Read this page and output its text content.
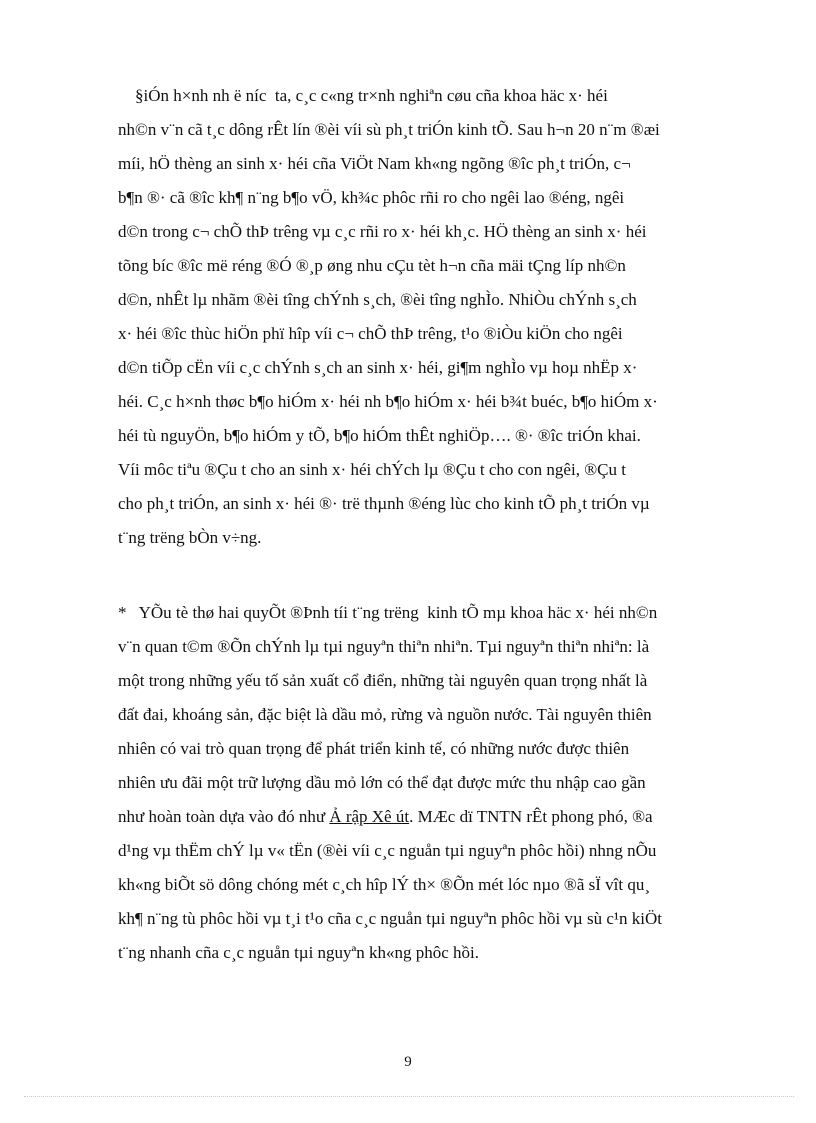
§iÓn h×nh nh ë níc  ta, c¸c c«ng tr×nh nghiªn cøu cña khoa häc x· héi
nh©n v¨n cã t¸c dông rÊt lín ®èi víi sù ph¸t triÓn kinh tÕ. Sau h¬n 20 n¨m ®æi
míi, hÖ thèng an sinh x· héi cña ViÖt Nam kh«ng ngõng ®îc ph¸t triÓn, c¬
b¶n ®· cã ®îc kh¶ n¨ng b¶o vÖ, kh¾c phôc rñi ro cho ngêi lao ®éng, ngêi
d©n trong c¬ chÕ thÞ trêng vµ c¸c rñi ro x· héi kh¸c. HÖ thèng an sinh x· héi
tõng bíc ®îc më réng ®Ó ®¸p øng nhu cÇu tèt h¬n cña mäi tÇng líp nh©n
d©n, nhÊt lµ nhãm ®èi tîng chÝnh s¸ch, ®èi tîng nghÌo. NhiÒu chÝnh s¸ch
x· héi ®îc thùc hiÖn phï hîp víi c¬ chÕ thÞ trêng, t¹o ®iÒu kiÖn cho ngêi
d©n tiÕp cËn víi c¸c chÝnh s¸ch an sinh x· héi, gi¶m nghÌo vµ hoµ nhËp x·
héi. C¸c h×nh thøc b¶o hiÓm x· héi nh b¶o hiÓm x· héi b¾t buéc, b¶o hiÓm x·
héi tù nguyÖn, b¶o hiÓm y tÕ, b¶o hiÓm thÊt nghiÖp…. ®· ®îc triÓn khai.
Víi môc tiªu ®Çu t cho an sinh x· héi chÝch lµ ®Çu t cho con ngêi, ®Çu t
cho ph¸t triÓn, an sinh x· héi ®· trë thµnh ®éng lùc cho kinh tÕ ph¸t triÓn vµ
t¨ng trëng bÒn v÷ng.
*   YÕu tè thø hai quyÕt ®Þnh tíi t¨ng trëng  kinh tÕ mµ khoa häc x· héi nh©n
v¨n quan t©m ®Õn chÝnh lµ tµi nguyªn thiªn nhiªn. Tµi nguyªn thiªn nhiªn: là
một trong những yếu tố sản xuất cổ điển, những tài nguyên quan trọng nhất là
đất đai, khoáng sản, đặc biệt là dầu mỏ, rừng và nguồn nước. Tài nguyên thiên
nhiên có vai trò quan trọng để phát triển kinh tế, có những nước được thiên
nhiên ưu đãi một trữ lượng dầu mỏ lớn có thể đạt được mức thu nhập cao gần
như hoàn toàn dựa vào đó như Ả rập Xê út. MÆc dï TNTN rÊt phong phó, ®a
d¹ng vµ thËm chÝ lµ v« tËn (®èi víi c¸c nguån tµi nguyªn phôc hồi) nhng nÕu
kh«ng biÕt sö dông chóng mét c¸ch hîp lÝ th× ®Õn mét lóc nµo ®ã sÏ vît qu¸
kh¶ n¨ng tù phôc hồi vµ t¸i t¹o cña c¸c nguån tµi nguyªn phôc hồi vµ sù c¹n kiÖt
t¨ng nhanh cña c¸c nguån tµi nguyªn kh«ng phôc hồi.
9
